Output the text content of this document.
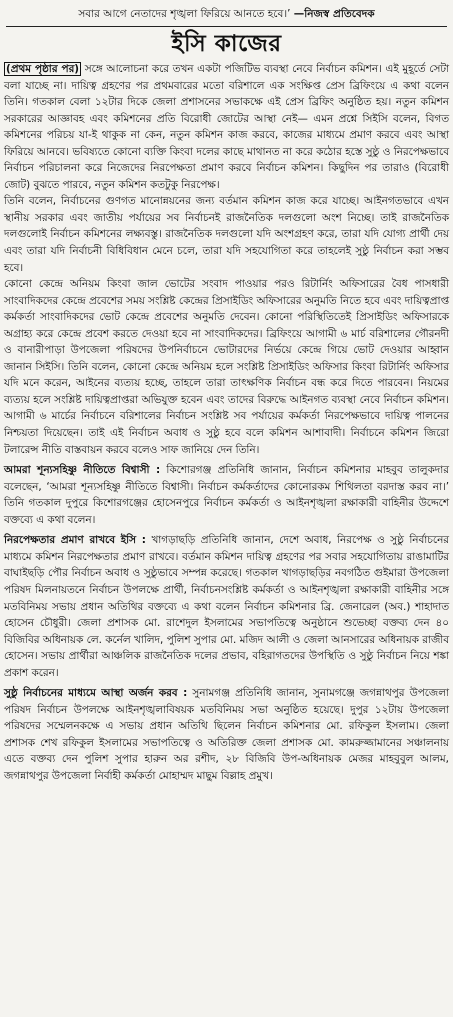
সবার আগে নেতাদের শৃঙ্খলা ফিরিয়ে আনতে হবে।’ —নিজস্ব প্রতিবেদক
ইসি কাজের

(প্রথম পৃষ্ঠার পর) সঙ্গে আলোচনা করে তখন একটা পজিটিভ ব্যবস্থা নেবে নির্বাচন কমিশন। এই মুহূর্তে সেটা বলা যাচ্ছে না। দায়িত্ব গ্রহণের পর প্রথমবারের মতো বরিশালে এক সংক্ষিপ্ত প্রেস ব্রিফিংয়ে এ কথা বলেন তিনি। গতকাল বেলা ১২টার দিকে জেলা প্রশাসনের সভাকক্ষে এই প্রেস ব্রিফিং অনুষ্ঠিত হয়। নতুন কমিশন সরকারের আজ্ঞাবহ এবং কমিশনের প্রতি বিরোধী জোটের আস্থা নেই— এমন প্রশ্নে সিইসি বলেন, বিগত কমিশনের পরিচয় যা-ই থাকুক না কেন, নতুন কমিশন কাজ করবে, কাজের মাধ্যমে প্রমাণ করবে এবং আস্থা ফিরিয়ে আনবে। ভবিষ্যতে কোনো ব্যক্তি কিংবা দলের কাছে মাথানত না করে কঠোর হস্তে সুষ্ঠু ও নিরপেক্ষভাবে নির্বাচন পরিচালনা করে নিজেদের নিরপেক্ষতা প্রমাণ করবে নির্বাচন কমিশন। কিছুদিন পর তারাও (বিরোধী জোট) বুঝতে পারবে, নতুন কমিশন কতটুকু নিরপেক্ষ।

তিনি বলেন, নির্বাচনের গুণগত মানোন্নয়নের জন্য বর্তমান কমিশন কাজ করে যাচ্ছে। আইনগতভাবে এখন স্থানীয় সরকার এবং জাতীয় পর্যায়ের সব নির্বাচনই রাজনৈতিক দলগুলো অংশ নিচ্ছে। তাই রাজনৈতিক দলগুলোই নির্বাচন কমিশনের লক্ষ্যবস্তু। রাজনৈতিক দলগুলো যদি অংশগ্রহণ করে, তারা যদি যোগ্য প্রার্থী দেয় এবং তারা যদি নির্বাচনী বিধিবিধান মেনে চলে, তারা যদি সহযোগিতা করে তাহলেই সুষ্ঠু নির্বাচন করা সম্ভব হবে।

কোনো কেন্দ্রে অনিয়ম কিংবা জাল ভোটের সংবাদ পাওয়ার পরও রিটার্নিং অফিসারের বৈধ পাসধারী সাংবাদিকদের কেন্দ্রে প্রবেশের সময় সংশ্লিষ্ট কেন্দ্রের প্রিসাইডিং অফিসারের অনুমতি নিতে হবে এবং দায়িত্বপ্রাপ্ত কর্মকর্তা সাংবাদিকদের ভোট কেন্দ্রে প্রবেশের অনুমতি দেবেন। কোনো পরিস্থিতিতেই প্রিসাইডিং অফিসারকে অগ্রাহ্য করে কেন্দ্রে প্রবেশ করতে দেওয়া হবে না সাংবাদিকদের। ব্রিফিংয়ে আগামী ৬ মার্চ বরিশালের গৌরনদী ও বানারীপাড়া উপজেলা পরিষদের উপনির্বাচনে ভোটারদের নির্ভয়ে কেন্দ্রে গিয়ে ভোট দেওয়ার আহ্বান জানান সিইসি। তিনি বলেন, কোনো কেন্দ্রে অনিয়ম হলে সংশ্লিষ্ট প্রিসাইডিং অফিসার কিংবা রিটার্নিং অফিসার যদি মনে করেন, আইনের ব্যত্যয় হচ্ছে, তাহলে তারা তাৎক্ষণিক নির্বাচন বন্ধ করে দিতে পারবেন। নিয়মের ব্যত্যয় হলে সংশ্লিষ্ট দায়িত্বপ্রাপ্তরা অভিযুক্ত হবেন এবং তাদের বিরুদ্ধে আইনগত ব্যবস্থা নেবে নির্বাচন কমিশন। আগামী ৬ মার্চের নির্বাচনে বরিশালের নির্বাচন সংশ্লিষ্ট সব পর্যায়ের কর্মকর্তা নিরপেক্ষভাবে দায়িত্ব পালনের নিশ্চয়তা দিয়েছেন। তাই এই নির্বাচন অবাধ ও সুষ্ঠু হবে বলে কমিশন আশাবাদী। নির্বাচনে কমিশন জিরো টলারেন্স নীতি বাস্তবায়ন করবে বলেও সাফ জানিয়ে দেন তিনি।

আমরা শূন্যসহিষ্ণু নীতিতে বিশ্বাসী : কিশোরগঞ্জ প্রতিনিধি জানান, নির্বাচন কমিশনার মাহবুব তালুকদার বলেছেন, ‘আমরা শূন্যসহিষ্ণু নীতিতে বিশ্বাসী। নির্বাচন কর্মকর্তাদের কোনোরকম শিথিলতা বরদাস্ত করব না।’ তিনি গতকাল দুপুরে কিশোরগঞ্জের হোসেনপুরে নির্বাচন কর্মকর্তা ও আইনশৃঙ্খলা রক্ষাকারী বাহিনীর উদ্দেশে বক্তব্যে এ কথা বলেন।

নিরপেক্ষতার প্রমাণ রাখবে ইসি : খাগড়াছড়ি প্রতিনিধি জানান, দেশে অবাধ, নিরপেক্ষ ও সুষ্ঠু নির্বাচনের মাধ্যমে কমিশন নিরপেক্ষতার প্রমাণ রাখবে। বর্তমান কমিশন দায়িত্ব গ্রহণের পর সবার সহযোগিতায় রাঙামাটির বাঘাইছড়ি পৌর নির্বাচন অবাধ ও সুষ্ঠুভাবে সম্পন্ন করেছে। গতকাল খাগড়াছড়ির নবগঠিত গুইমারা উপজেলা পরিষদ মিলনায়তনে নির্বাচন উপলক্ষে প্রার্থী, নির্বাচনসংশ্লিষ্ট কর্মকর্তা ও আইনশৃঙ্খলা রক্ষাকারী বাহিনীর সঙ্গে মতবিনিময় সভায় প্রধান অতিথির বক্তব্যে এ কথা বলেন নির্বাচন কমিশনার ব্রি. জেনারেল (অব.) শাহাদাত হোসেন চৌধুরী। জেলা প্রশাসক মো. রাশেদুল ইসলামের সভাপতিত্বে অনুষ্ঠানে শুভেচ্ছা বক্তব্য দেন ৪০ বিজিবির অধিনায়ক লে. কর্নেল খালিদ, পুলিশ সুপার মো. মজিদ আলী ও জেলা আনসারের অধিনায়ক রাজীব হোসেন। সভায় প্রার্থীরা আঞ্চলিক রাজনৈতিক দলের প্রভাব, বহিরাগতদের উপস্থিতি ও সুষ্ঠু নির্বাচন নিয়ে শঙ্কা প্রকাশ করেন।

সুষ্ঠু নির্বাচনের মাধ্যমে আস্থা অর্জন করব : সুনামগঞ্জ প্রতিনিধি জানান, সুনামগঞ্জে জগন্নাথপুর উপজেলা পরিষদ নির্বাচন উপলক্ষে আইনশৃঙ্খলাবিষয়ক মতবিনিময় সভা অনুষ্ঠিত হয়েছে। দুপুর ১২টায় উপজেলা পরিষদের সম্মেলনকক্ষে এ সভায় প্রধান অতিথি ছিলেন নির্বাচন কমিশনার মো. রফিকুল ইসলাম। জেলা প্রশাসক শেখ রফিকুল ইসলামের সভাপতিত্বে ও অতিরিক্ত জেলা প্রশাসক মো. কামরুজ্জামানের সঞ্চালনায় এতে বক্তব্য দেন পুলিশ সুপার হারুন অর রশীদ, ২৮ বিজিবি উপ-অধিনায়ক মেজর মাহবুবুল আলম, জগন্নাথপুর উপজেলা নির্বাহী কর্মকর্তা মোহাম্মদ মাছুম বিল্লাহ প্রমুখ।
